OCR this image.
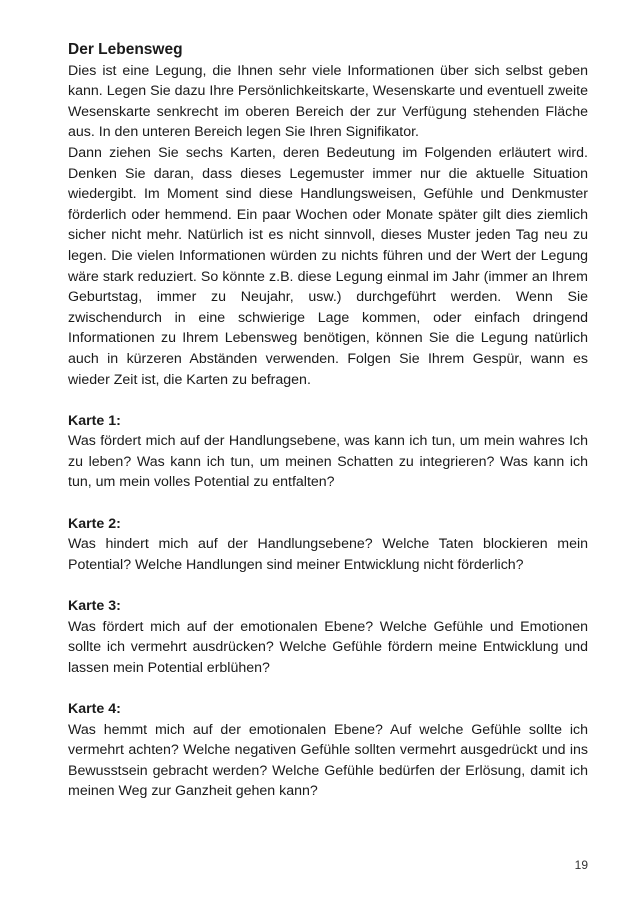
Der Lebensweg

Dies ist eine Legung, die Ihnen sehr viele Informationen über sich selbst geben kann. Legen Sie dazu Ihre Persönlichkeitskarte, Wesenskarte und eventuell zweite Wesenskarte senkrecht im oberen Bereich der zur Verfügung stehenden Fläche aus. In den unteren Bereich legen Sie Ihren Signifikator.

Dann ziehen Sie sechs Karten, deren Bedeutung im Folgenden erläutert wird. Denken Sie daran, dass dieses Legemuster immer nur die aktuelle Situation wiedergibt. Im Moment sind diese Handlungsweisen, Gefühle und Denkmuster förderlich oder hemmend. Ein paar Wochen oder Monate später gilt dies ziemlich sicher nicht mehr. Natürlich ist es nicht sinnvoll, dieses Muster jeden Tag neu zu legen. Die vielen Informationen würden zu nichts führen und der Wert der Legung wäre stark reduziert. So könnte z.B. diese Legung einmal im Jahr (immer an Ihrem Geburtstag, immer zu Neujahr, usw.) durchgeführt werden. Wenn Sie zwischendurch in eine schwierige Lage kommen, oder einfach dringend Informationen zu Ihrem Lebensweg benötigen, können Sie die Legung natürlich auch in kürzeren Abständen verwenden. Folgen Sie Ihrem Gespür, wann es wieder Zeit ist, die Karten zu befragen.

Karte 1:

Was fördert mich auf der Handlungsebene, was kann ich tun, um mein wahres Ich zu leben? Was kann ich tun, um meinen Schatten zu integrieren? Was kann ich tun, um mein volles Potential zu entfalten?

Karte 2:

Was hindert mich auf der Handlungsebene? Welche Taten blockieren mein Potential? Welche Handlungen sind meiner Entwicklung nicht förderlich?

Karte 3:

Was fördert mich auf der emotionalen Ebene? Welche Gefühle und Emotionen sollte ich vermehrt ausdrücken? Welche Gefühle fördern meine Entwicklung und lassen mein Potential erblühen?

Karte 4:

Was hemmt mich auf der emotionalen Ebene? Auf welche Gefühle sollte ich vermehrt achten? Welche negativen Gefühle sollten vermehrt ausgedrückt und ins Bewusstsein gebracht werden? Welche Gefühle bedürfen der Erlösung, damit ich meinen Weg zur Ganzheit gehen kann?

19
